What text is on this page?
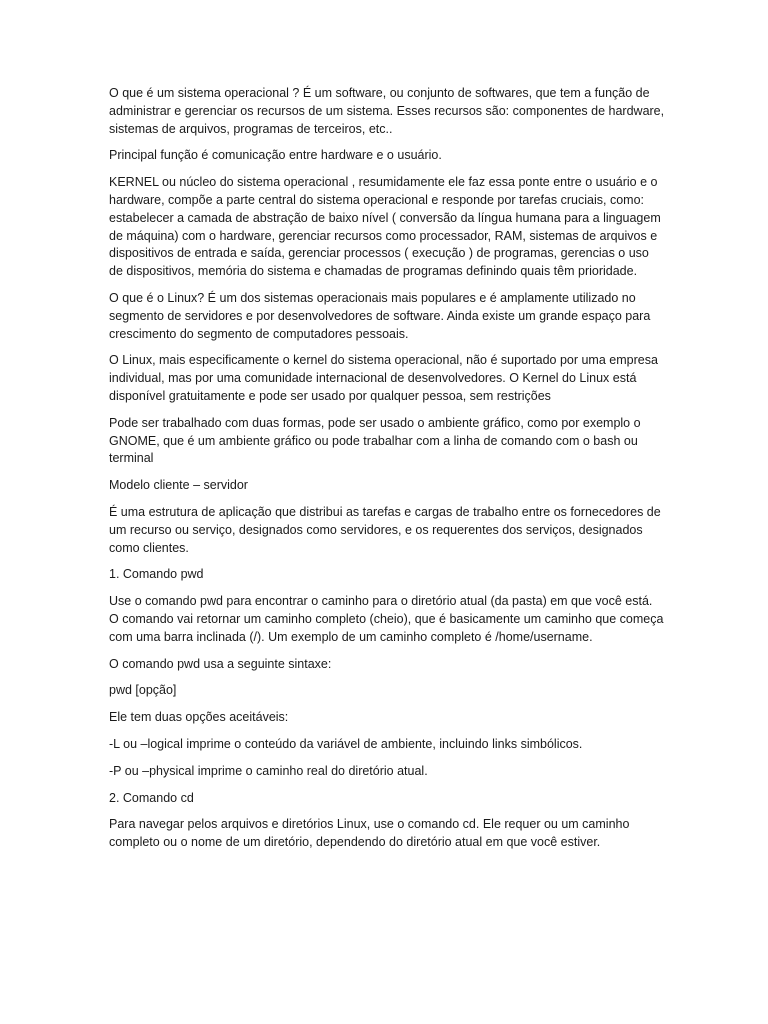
O que é um sistema operacional ? É um software, ou conjunto de softwares, que tem a função de administrar e gerenciar os recursos de um sistema. Esses recursos são: componentes de hardware, sistemas de arquivos, programas de terceiros, etc..

Principal função é comunicação entre hardware e o usuário.

KERNEL ou núcleo do sistema operacional , resumidamente ele faz essa ponte entre o usuário e o hardware, compõe a parte central do sistema operacional e responde por tarefas cruciais, como: estabelecer a camada de abstração de baixo nível ( conversão da língua humana para a linguagem de máquina) com o hardware, gerenciar recursos como processador, RAM, sistemas de arquivos e dispositivos de entrada e saída, gerenciar processos ( execução ) de programas, gerencias o uso de dispositivos, memória do sistema e chamadas de programas definindo quais têm prioridade.

O que é o Linux? É um dos sistemas operacionais mais populares e é amplamente utilizado no segmento de servidores e por desenvolvedores de software. Ainda existe um grande espaço para crescimento do segmento de computadores pessoais.

O Linux, mais especificamente o kernel do sistema operacional, não é suportado por uma empresa individual, mas por uma comunidade internacional de desenvolvedores. O Kernel do Linux está disponível gratuitamente e pode ser usado por qualquer pessoa, sem restrições

Pode ser trabalhado com duas formas, pode ser usado o ambiente gráfico, como por exemplo o GNOME, que é um ambiente gráfico ou pode trabalhar com a linha de comando com o bash ou terminal

Modelo cliente – servidor

É uma estrutura de aplicação que distribui as tarefas e cargas de trabalho entre os fornecedores de um recurso ou serviço, designados como servidores, e os requerentes dos serviços, designados como clientes.

1. Comando pwd

Use o comando pwd para encontrar o caminho para o diretório atual (da pasta) em que você está. O comando vai retornar um caminho completo (cheio), que é basicamente um caminho que começa com uma barra inclinada (/). Um exemplo de um caminho completo é /home/username.

O comando pwd usa a seguinte sintaxe:

pwd [opção]

Ele tem duas opções aceitáveis:

-L ou –logical imprime o conteúdo da variável de ambiente, incluindo links simbólicos.

-P ou –physical imprime o caminho real do diretório atual.

2. Comando cd

Para navegar pelos arquivos e diretórios Linux, use o comando cd. Ele requer ou um caminho completo ou o nome de um diretório, dependendo do diretório atual em que você estiver.
